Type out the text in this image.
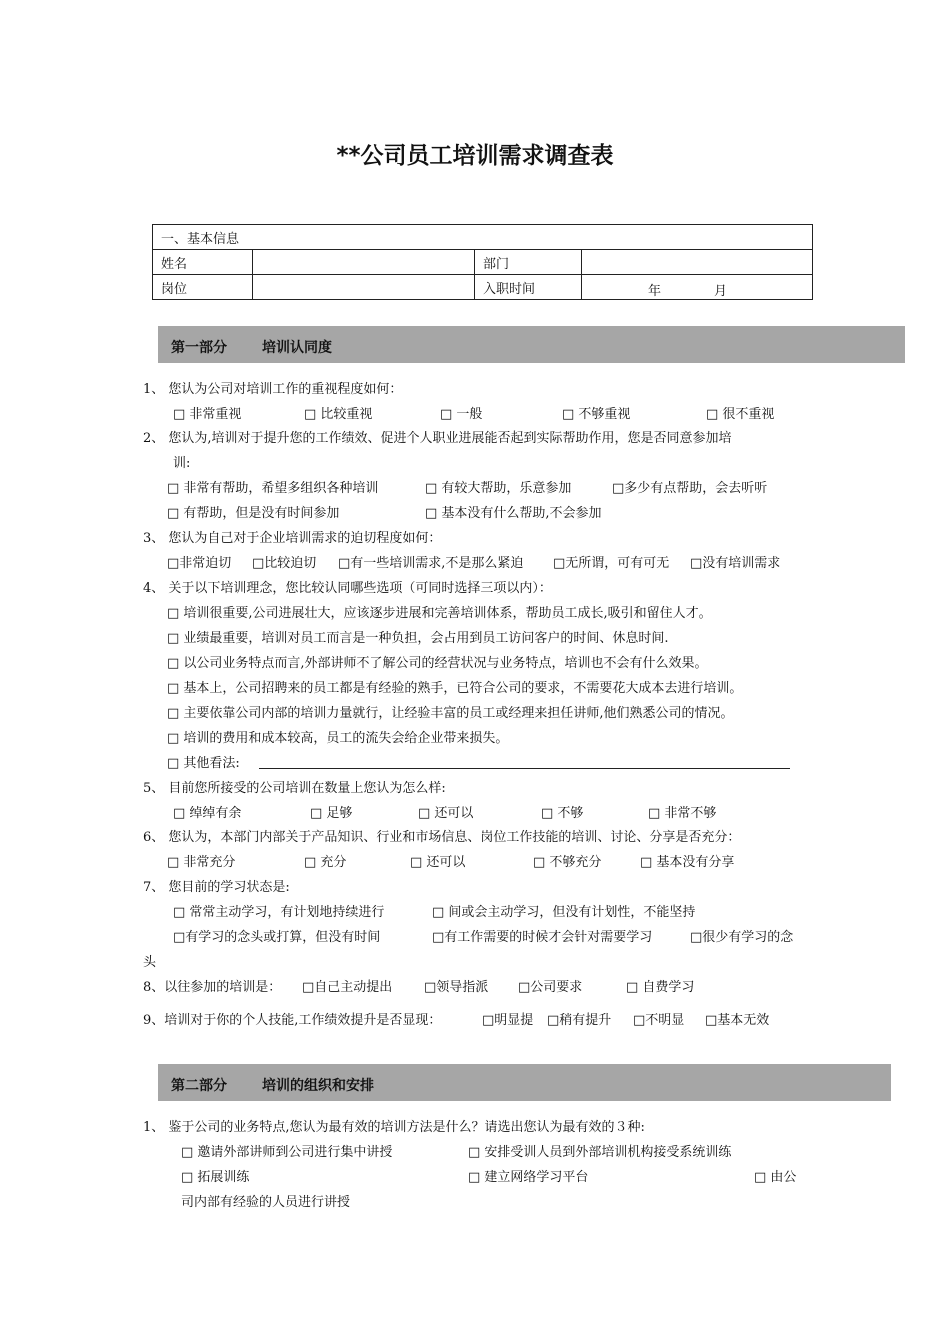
**公司员工培训需求调查表
一、基本信息			
姓名		部门	
岗位		入职时间	年 月
第一部分	培训认同度
1、 您认为公司对培训工作的重视程度如何：
□ 非常重视	□ 比较重视	□ 一般	□ 不够重视	□ 很不重视
2、 您认为,培训对于提升您的工作绩效、促进个人职业进展能否起到实际帮助作用，您是否同意参加培
训:
□ 非常有帮助，希望多组织各种培训	□ 有较大帮助，乐意参加	□多少有点帮助，会去听听
□ 有帮助，但是没有时间参加	□ 基本没有什么帮助,不会参加
3、 您认为自己对于企业培训需求的迫切程度如何：
□非常迫切 □比较迫切 □有一些培训需求,不是那么紧迫 □无所谓，可有可无 □没有培训需求
4、 关于以下培训理念，您比较认同哪些选项（可同时选择三项以内）：
□ 培训很重要,公司进展壮大，应该逐步进展和完善培训体系，帮助员工成长,吸引和留住人才。
□ 业绩最重要，培训对员工而言是一种负担，会占用到员工访问客户的时间、休息时间.
□ 以公司业务特点而言,外部讲师不了解公司的经营状况与业务特点，培训也不会有什么效果。
□ 基本上，公司招聘来的员工都是有经验的熟手，已符合公司的要求，不需要花大成本去进行培训。
□ 主要依靠公司内部的培训力量就行，让经验丰富的员工或经理来担任讲师,他们熟悉公司的情况。
□ 培训的费用和成本较高，员工的流失会给企业带来损失。
□ 其他看法:
5、 目前您所接受的公司培训在数量上您认为怎么样:
□ 绰绰有余	□ 足够	□ 还可以	□ 不够	□ 非常不够
6、 您认为，本部门内部关于产品知识、行业和市场信息、岗位工作技能的培训、讨论、分享是否充分：
□ 非常充分	□ 充分	□ 还可以	□ 不够充分	□ 基本没有分享
7、 您目前的学习状态是:
□ 常常主动学习，有计划地持续进行	□ 间或会主动学习，但没有计划性，不能坚持
□有学习的念头或打算，但没有时间	□有工作需要的时候才会针对需要学习	□很少有学习的念
头
8、以往参加的培训是： □自己主动提出 □领导指派 □公司要求	□ 自费学习
9、培训对于你的个人技能,工作绩效提升是否显现：	□明显提 □稍有提升 □不明显 □基本无效
第二部分	培训的组织和安排
1、 鉴于公司的业务特点,您认为最有效的培训方法是什么？请选出您认为最有效的３种:
□ 邀请外部讲师到公司进行集中讲授	□ 安排受训人员到外部培训机构接受系统训练
□ 拓展训练	□ 建立网络学习平台	□ 由公
司内部有经验的人员进行讲授
